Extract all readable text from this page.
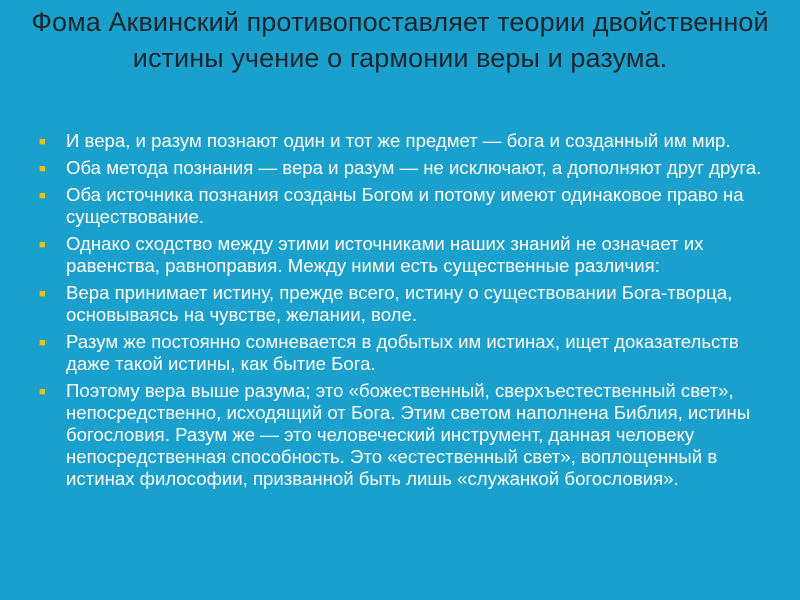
Фома Аквинский противопоставляет теории двойственной истины учение о гармонии веры и разума.
■ И вера, и разум познают один и тот же предмет — бога и созданный им мир.
■ Оба метода познания — вера и разум — не исключают, а дополняют друг друга.
■ Оба источника познания созданы Богом и потому имеют одинаковое право на существование.
■ Однако сходство между этими источниками наших знаний не означает их равенства, равноправия. Между ними есть существенные различия:
■ Вера принимает истину, прежде всего, истину о существовании Бога-творца, основываясь на чувстве, желании, воле.
■ Разум же постоянно сомневается в добытых им истинах, ищет доказательств даже такой истины, как бытие Бога.
■ Поэтому вера выше разума; это «божественный, сверхъестественный свет», непосредственно, исходящий от Бога. Этим светом наполнена Библия, истины богословия. Разум же — это человеческий инструмент, данная человеку непосредственная способность. Это «естественный свет», воплощенный в истинах философии, призванной быть лишь «служанкой богословия».
